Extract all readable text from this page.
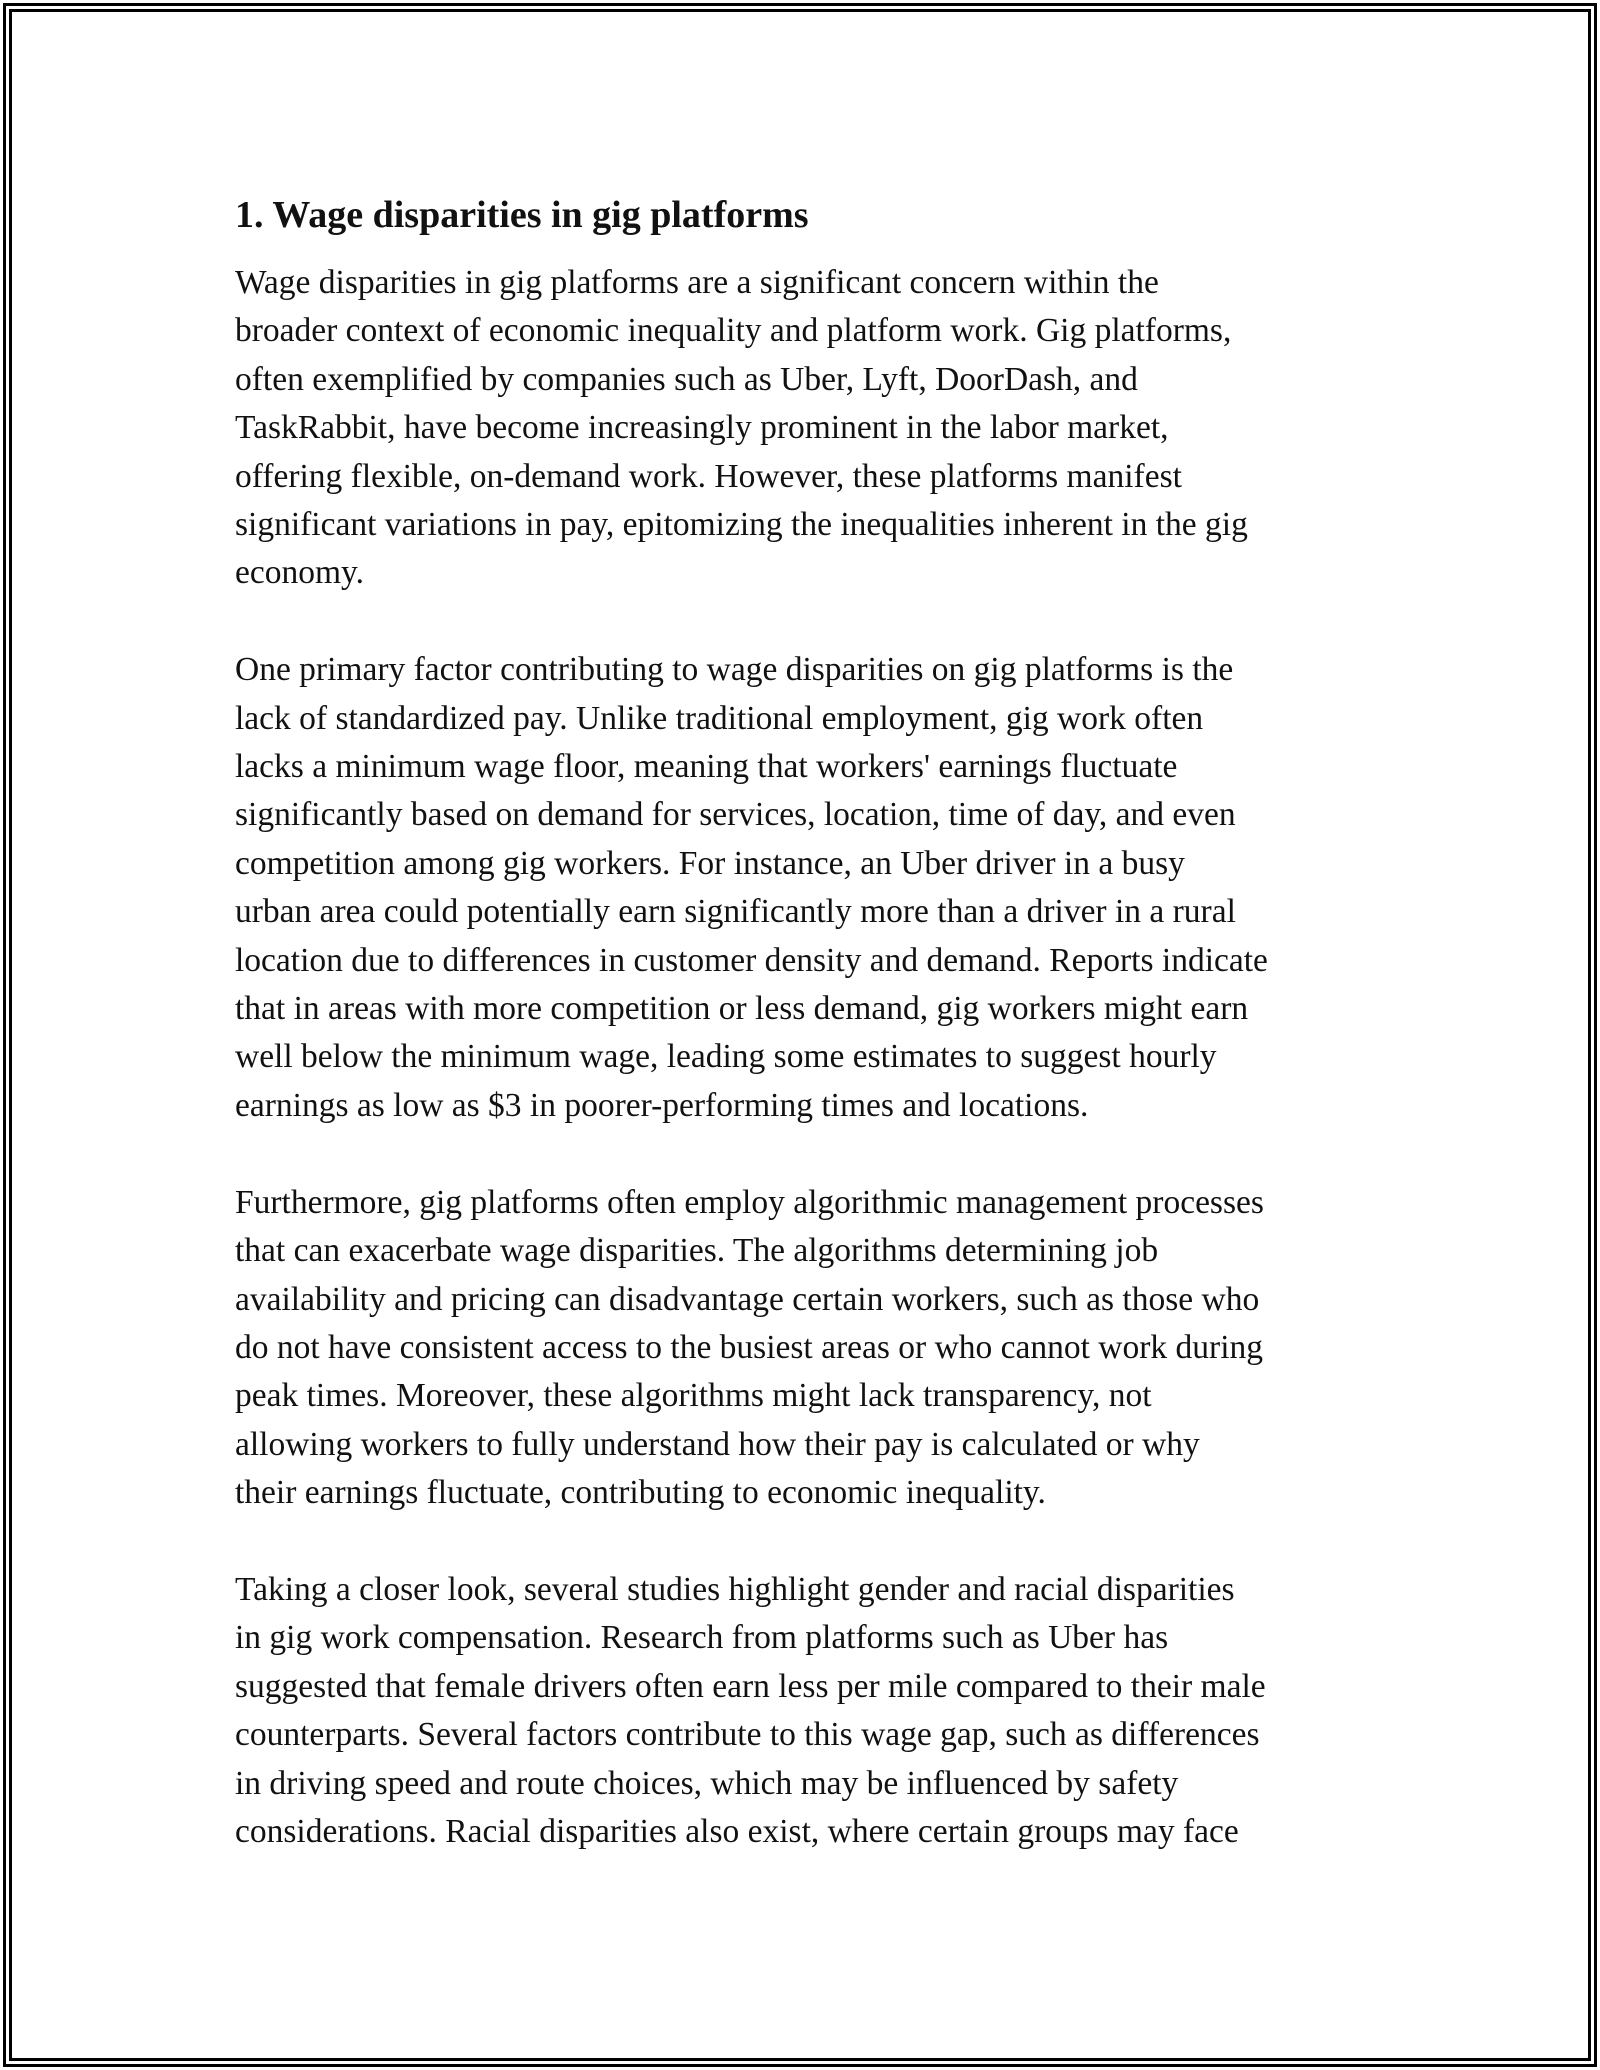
1. Wage disparities in gig platforms

Wage disparities in gig platforms are a significant concern within the
broader context of economic inequality and platform work. Gig platforms,
often exemplified by companies such as Uber, Lyft, DoorDash, and
TaskRabbit, have become increasingly prominent in the labor market,
offering flexible, on-demand work. However, these platforms manifest
significant variations in pay, epitomizing the inequalities inherent in the gig
economy.

One primary factor contributing to wage disparities on gig platforms is the
lack of standardized pay. Unlike traditional employment, gig work often
lacks a minimum wage floor, meaning that workers' earnings fluctuate
significantly based on demand for services, location, time of day, and even
competition among gig workers. For instance, an Uber driver in a busy
urban area could potentially earn significantly more than a driver in a rural
location due to differences in customer density and demand. Reports indicate
that in areas with more competition or less demand, gig workers might earn
well below the minimum wage, leading some estimates to suggest hourly
earnings as low as $3 in poorer-performing times and locations.

Furthermore, gig platforms often employ algorithmic management processes
that can exacerbate wage disparities. The algorithms determining job
availability and pricing can disadvantage certain workers, such as those who
do not have consistent access to the busiest areas or who cannot work during
peak times. Moreover, these algorithms might lack transparency, not
allowing workers to fully understand how their pay is calculated or why
their earnings fluctuate, contributing to economic inequality.

Taking a closer look, several studies highlight gender and racial disparities
in gig work compensation. Research from platforms such as Uber has
suggested that female drivers often earn less per mile compared to their male
counterparts. Several factors contribute to this wage gap, such as differences
in driving speed and route choices, which may be influenced by safety
considerations. Racial disparities also exist, where certain groups may face
